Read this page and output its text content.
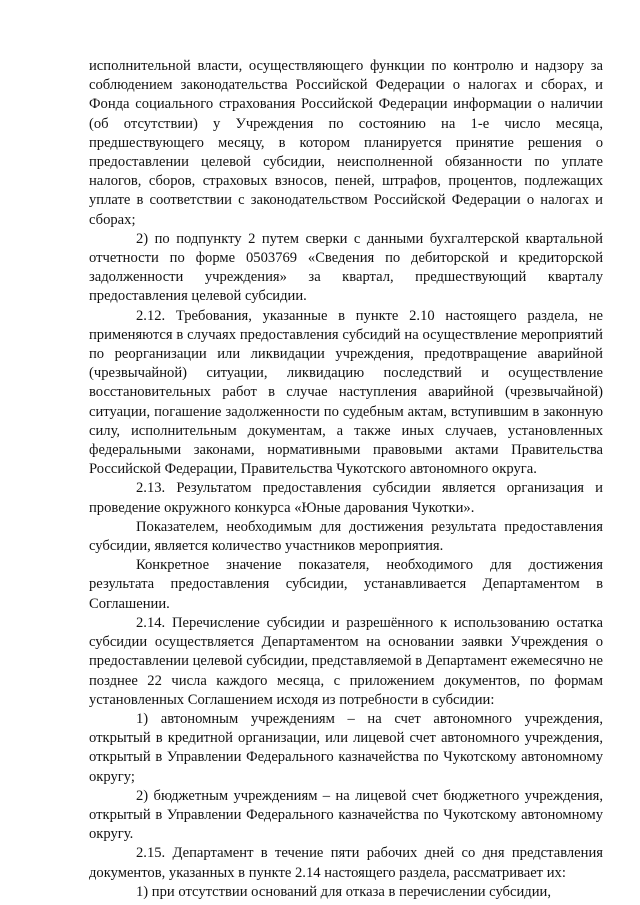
исполнительной власти, осуществляющего функции по контролю и надзору за соблюдением законодательства Российской Федерации о налогах и сборах, и Фонда социального страхования Российской Федерации информации о наличии (об отсутствии) у Учреждения по состоянию на 1-е число месяца, предшествующего месяцу, в котором планируется принятие решения о предоставлении целевой субсидии, неисполненной обязанности по уплате налогов, сборов, страховых взносов, пеней, штрафов, процентов, подлежащих уплате в соответствии с законодательством Российской Федерации о налогах и сборах;

2) по подпункту 2 путем сверки с данными бухгалтерской квартальной отчетности по форме 0503769 «Сведения по дебиторской и кредиторской задолженности учреждения» за квартал, предшествующий кварталу предоставления целевой субсидии.

2.12. Требования, указанные в пункте 2.10 настоящего раздела, не применяются в случаях предоставления субсидий на осуществление мероприятий по реорганизации или ликвидации учреждения, предотвращение аварийной (чрезвычайной) ситуации, ликвидацию последствий и осуществление восстановительных работ в случае наступления аварийной (чрезвычайной) ситуации, погашение задолженности по судебным актам, вступившим в законную силу, исполнительным документам, а также иных случаев, установленных федеральными законами, нормативными правовыми актами Правительства Российской Федерации, Правительства Чукотского автономного округа.

2.13. Результатом предоставления субсидии является организация и проведение окружного конкурса «Юные дарования Чукотки».

Показателем, необходимым для достижения результата предоставления субсидии, является количество участников мероприятия.

Конкретное значение показателя, необходимого для достижения результата предоставления субсидии, устанавливается Департаментом в Соглашении.

2.14. Перечисление субсидии и разрешённого к использованию остатка субсидии осуществляется Департаментом на основании заявки Учреждения о предоставлении целевой субсидии, представляемой в Департамент ежемесячно не позднее 22 числа каждого месяца, с приложением документов, по формам установленных Соглашением исходя из потребности в субсидии:

1) автономным учреждениям – на счет автономного учреждения, открытый в кредитной организации, или лицевой счет автономного учреждения, открытый в Управлении Федерального казначейства по Чукотскому автономному округу;

2) бюджетным учреждениям – на лицевой счет бюджетного учреждения, открытый в Управлении Федерального казначейства по Чукотскому автономному округу.

2.15. Департамент в течение пяти рабочих дней со дня представления документов, указанных в пункте 2.14 настоящего раздела, рассматривает их:

1) при отсутствии оснований для отказа в перечислении субсидии,
